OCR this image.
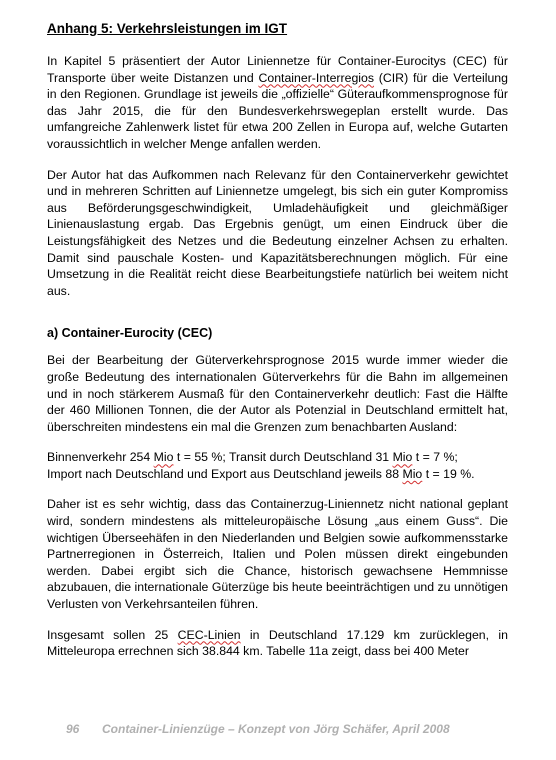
Anhang 5: Verkehrsleistungen im IGT

In Kapitel 5 präsentiert der Autor Liniennetze für Container-Eurocitys (CEC) für Transporte über weite Distanzen und Container-Interregios (CIR) für die Verteilung in den Regionen. Grundlage ist jeweils die „offizielle“ Güteraufkommensprognose für das Jahr 2015, die für den Bundesverkehrswegeplan erstellt wurde. Das umfangreiche Zahlenwerk listet für etwa 200 Zellen in Europa auf, welche Gutarten voraussichtlich in welcher Menge anfallen werden.

Der Autor hat das Aufkommen nach Relevanz für den Containerverkehr gewichtet und in mehreren Schritten auf Liniennetze umgelegt, bis sich ein guter Kompromiss aus Beförderungsgeschwindigkeit, Umladehäufigkeit und gleichmäßiger Linienauslastung ergab. Das Ergebnis genügt, um einen Eindruck über die Leistungsfähigkeit des Netzes und die Bedeutung einzelner Achsen zu erhalten. Damit sind pauschale Kosten- und Kapazitätsberechnungen möglich. Für eine Umsetzung in die Realität reicht diese Bearbeitungstiefe natürlich bei weitem nicht aus.

a) Container-Eurocity (CEC)

Bei der Bearbeitung der Güterverkehrsprognose 2015 wurde immer wieder die große Bedeutung des internationalen Güterverkehrs für die Bahn im allgemeinen und in noch stärkerem Ausmaß für den Containerverkehr deutlich: Fast die Hälfte der 460 Millionen Tonnen, die der Autor als Potenzial in Deutschland ermittelt hat, überschreiten mindestens ein mal die Grenzen zum benachbarten Ausland:

Binnenverkehr 254 Mio t = 55 %; Transit durch Deutschland 31 Mio t = 7 %;
Import nach Deutschland und Export aus Deutschland jeweils 88 Mio t = 19 %.

Daher ist es sehr wichtig, dass das Containerzug-Liniennetz nicht national geplant wird, sondern mindestens als mitteleuropäische Lösung „aus einem Guss“. Die wichtigen Überseehäfen in den Niederlanden und Belgien sowie aufkommensstarke Partnerregionen in Österreich, Italien und Polen müssen direkt eingebunden werden. Dabei ergibt sich die Chance, historisch gewachsene Hemmnisse abzubauen, die internationale Güterzüge bis heute beeinträchtigen und zu unnötigen Verlusten von Verkehrsanteilen führen.

Insgesamt sollen 25 CEC-Linien in Deutschland 17.129 km zurücklegen, in Mitteleuropa errechnen sich 38.844 km. Tabelle 11a zeigt, dass bei 400 Meter

96 Container-Linienzüge – Konzept von Jörg Schäfer, April 2008
